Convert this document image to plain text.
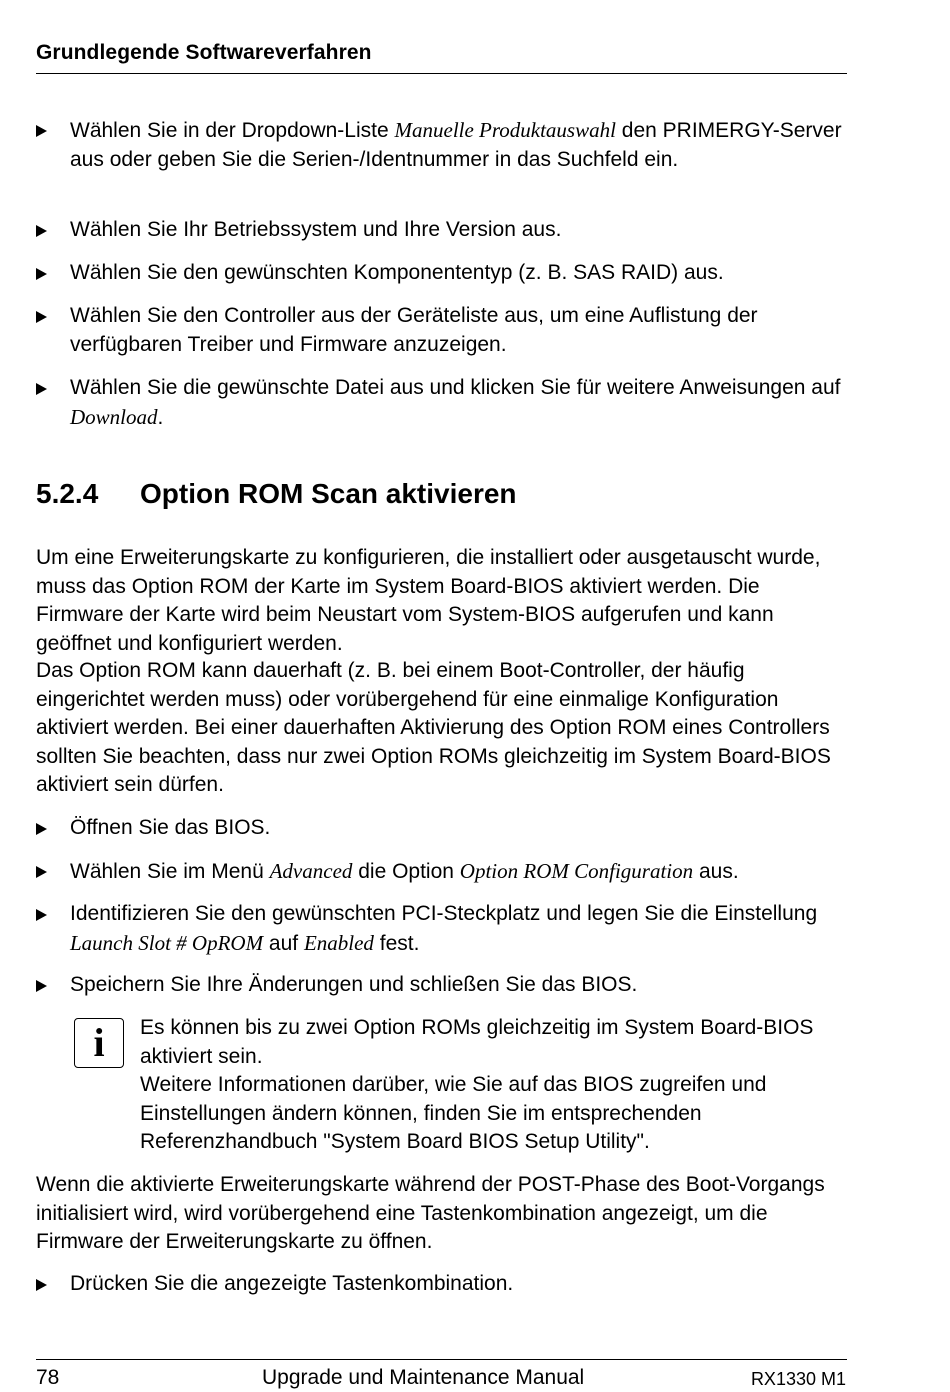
Grundlegende Softwareverfahren
Wählen Sie in der Dropdown-Liste Manuelle Produktauswahl den PRIMERGY-Server aus oder geben Sie die Serien-/Identnummer in das Suchfeld ein.
Wählen Sie Ihr Betriebssystem und Ihre Version aus.
Wählen Sie den gewünschten Komponententyp (z. B. SAS RAID) aus.
Wählen Sie den Controller aus der Geräteliste aus, um eine Auflistung der verfügbaren Treiber und Firmware anzuzeigen.
Wählen Sie die gewünschte Datei aus und klicken Sie für weitere Anweisungen auf Download.
5.2.4 Option ROM Scan aktivieren
Um eine Erweiterungskarte zu konfigurieren, die installiert oder ausgetauscht wurde, muss das Option ROM der Karte im System Board-BIOS aktiviert werden. Die Firmware der Karte wird beim Neustart vom System-BIOS aufgerufen und kann geöffnet und konfiguriert werden.
Das Option ROM kann dauerhaft (z. B. bei einem Boot-Controller, der häufig eingerichtet werden muss) oder vorübergehend für eine einmalige Konfiguration aktiviert werden. Bei einer dauerhaften Aktivierung des Option ROM eines Controllers sollten Sie beachten, dass nur zwei Option ROMs gleichzeitig im System Board-BIOS aktiviert sein dürfen.
Öffnen Sie das BIOS.
Wählen Sie im Menü Advanced die Option Option ROM Configuration aus.
Identifizieren Sie den gewünschten PCI-Steckplatz und legen Sie die Einstellung Launch Slot # OpROM auf Enabled fest.
Speichern Sie Ihre Änderungen und schließen Sie das BIOS.
i	Es können bis zu zwei Option ROMs gleichzeitig im System Board-BIOS aktiviert sein.
Weitere Informationen darüber, wie Sie auf das BIOS zugreifen und Einstellungen ändern können, finden Sie im entsprechenden Referenzhandbuch "System Board BIOS Setup Utility".
Wenn die aktivierte Erweiterungskarte während der POST-Phase des Boot-Vorgangs initialisiert wird, wird vorübergehend eine Tastenkombination angezeigt, um die Firmware der Erweiterungskarte zu öffnen.
Drücken Sie die angezeigte Tastenkombination.
78	Upgrade und Maintenance Manual	RX1330 M1
